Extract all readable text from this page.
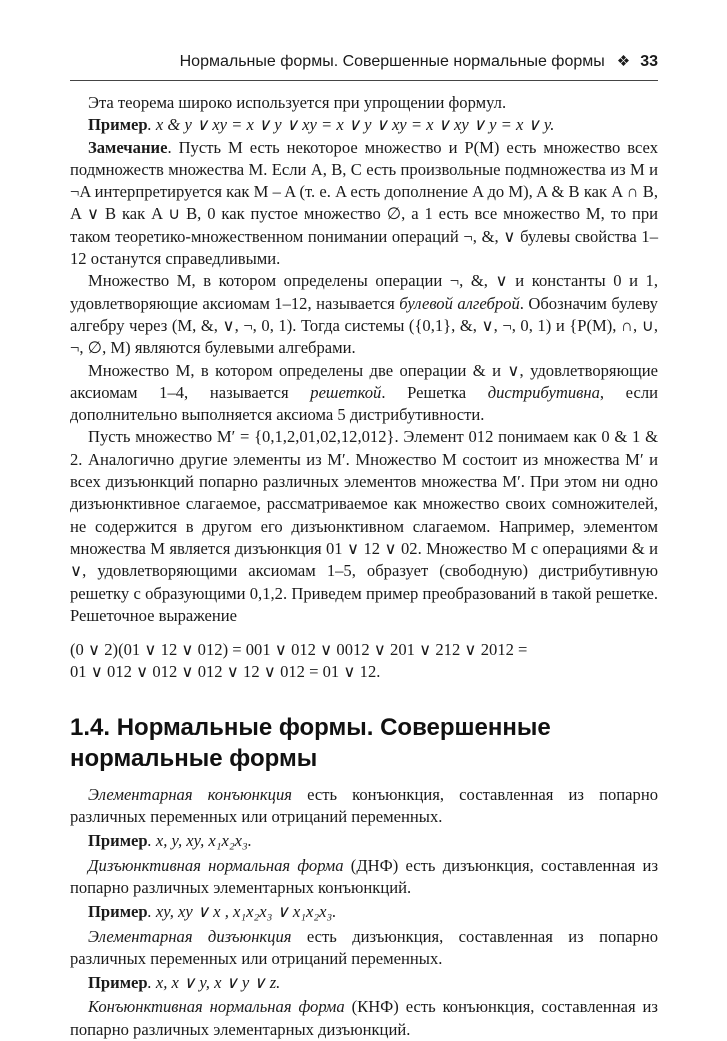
Нормальные формы. Совершенные нормальные формы ❖ 33

Эта теорема широко используется при упрощении формул.

Пример. x & y ∨ xy = x ∨ y ∨ xy = x ∨ y ∨ xy = x ∨ xy ∨ y = x ∨ y.

Замечание. Пусть M есть некоторое множество и P(M) есть множество всех подмножеств множества M. Если A, B, C есть произвольные подмножества из M и ¬A интерпретируется как M – A (т. е. A есть дополнение A до M), A & B как A ∩ B, A ∨ B как A ∪ B, 0 как пустое множество ∅, а 1 есть все множество M, то при таком теоретико-множественном понимании операций ¬, &, ∨ булевы свойства 1–12 останутся справедливыми.

Множество M, в котором определены операции ¬, &, ∨ и константы 0 и 1, удовлетворяющие аксиомам 1–12, называется булевой алгеброй. Обозначим булеву алгебру через (M, &, ∨, ¬, 0, 1). Тогда системы ({0,1}, &, ∨, ¬, 0, 1) и {P(M), ∩, ∪, ¬, ∅, M) являются булевыми алгебрами.

Множество M, в котором определены две операции & и ∨, удовлетворяющие аксиомам 1–4, называется решеткой. Решетка дистрибутивна, если дополнительно выполняется аксиома 5 дистрибутивности.

Пусть множество M′ = {0,1,2,01,02,12,012}. Элемент 012 понимаем как 0 & 1 & 2. Аналогично другие элементы из M′. Множество M состоит из множества M′ и всех дизъюнкций попарно различных элементов множества M′. При этом ни одно дизъюнктивное слагаемое, рассматриваемое как множество своих сомножителей, не содержится в другом его дизъюнктивном слагаемом. Например, элементом множества M является дизъюнкция 01 ∨ 12 ∨ 02. Множество M с операциями & и ∨, удовлетворяющими аксиомам 1–5, образует (свободную) дистрибутивную решетку с образующими 0,1,2. Приведем пример преобразований в такой решетке. Решеточное выражение

(0 ∨ 2)(01 ∨ 12 ∨ 012) = 001 ∨ 012 ∨ 0012 ∨ 201 ∨ 212 ∨ 2012 =
01 ∨ 012 ∨ 012 ∨ 012 ∨ 12 ∨ 012 = 01 ∨ 12.
1.4. Нормальные формы. Совершенные
нормальные формы

Элементарная конъюнкция есть конъюнкция, составленная из попарно различных переменных или отрицаний переменных.

Пример. x, y, xy, x₁x₂x₃.

Дизъюнктивная нормальная форма (ДНФ) есть дизъюнкция, составленная из попарно различных элементарных конъюнкций.

Пример. xy, xy ∨ x , x₁x₂x₃ ∨ x₁x₂x₃.

Элементарная дизъюнкция есть дизъюнкция, составленная из попарно различных переменных или отрицаний переменных.

Пример. x, x ∨ y, x ∨ y ∨ z.

Конъюнктивная нормальная форма (КНФ) есть конъюнкция, составленная из попарно различных элементарных дизъюнкций.
